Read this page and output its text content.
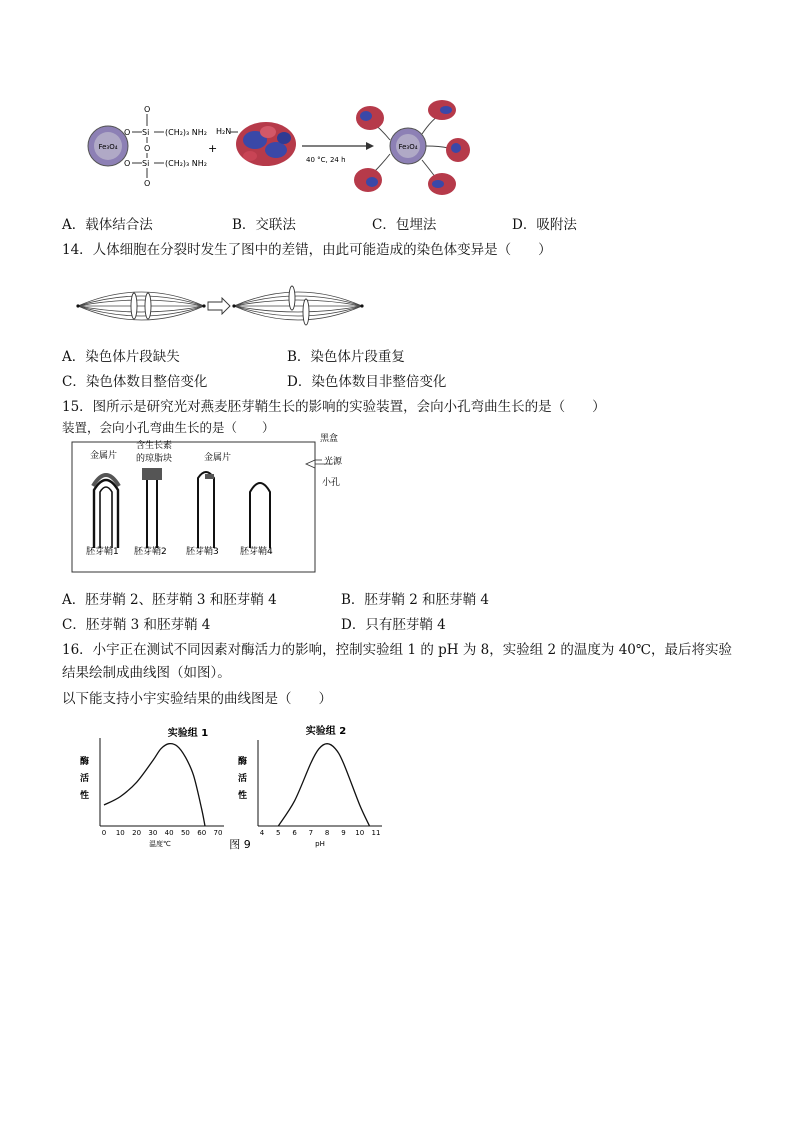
Fe₃O₄
O
O
O
Si
O
Si
O
(CH₂)₃ NH₂
(CH₂)₃ NH₂
+
H₂N
40 °C, 24 h
Fe₃O₄
A．载体结合法	B．交联法	C．包埋法	D．吸附法
14．人体细胞在分裂时发生了图中的差错，由此可能造成的染色体变异是（　　）
A．染色体片段缺失	B．染色体片段重复
C．染色体数目整倍变化	D．染色体数目非整倍变化
15．图所示是研究光对燕麦胚芽鞘生长的影响的实验装置，会向小孔弯曲生长的是（　　）
装置，会向小孔弯曲生长的是（　　）
金属片
含生长素
的琼脂块	金属片
黑盒
光源
小孔
胚芽鞘1 胚芽鞘2 胚芽鞘3 胚芽鞘4
A．胚芽鞘 2、胚芽鞘 3 和胚芽鞘 4	B．胚芽鞘 2 和胚芽鞘 4
C．胚芽鞘 3 和胚芽鞘 4	D．只有胚芽鞘 4
16．小宇正在测试不同因素对酶活力的影响，控制实验组 1 的 pH 为 8，实验组 2 的温度为 40℃，最后将实验
结果绘制成曲线图（如图）。
以下能支持小宇实验结果的曲线图是（　　）
实验组 1
酶活性
0 10 20 30 40 50 60 70
温度℃	图 9
实验组 2
酶活性
4 5 6 7 8 9 10 11
pH
